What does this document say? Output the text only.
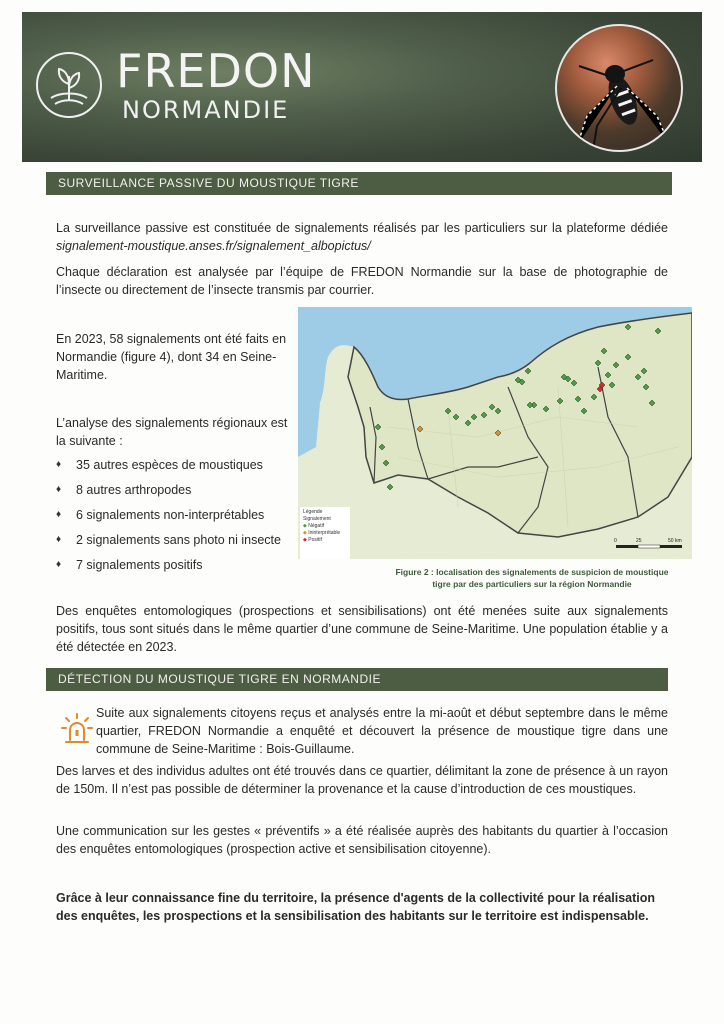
FREDON
NORMANDIE
SURVEILLANCE PASSIVE DU MOUSTIQUE TIGRE
La surveillance passive est constituée de signalements réalisés par les particuliers sur la plateforme dédiée signalement-moustique.anses.fr/signalement_albopictus/
Chaque déclaration est analysée par l’équipe de FREDON Normandie sur la base de photographie de l’insecte ou directement de l’insecte transmis par courrier.
En 2023, 58 signalements ont été faits en Normandie (figure 4), dont 34 en Seine-Maritime.
L’analyse des signalements régionaux est la suivante :
♦ 35 autres espèces de moustiques
♦ 8 autres arthropodes
♦ 6 signalements non-interprétables
♦ 2 signalements sans photo ni insecte
♦ 7 signalements positifs
0	25	50 km
Légende
Signalement
◆ Négatif
◆ Ininterprétable
◆ Positif
Figure 2 : localisation des signalements de suspicion de moustique
tigre par des particuliers sur la région Normandie
Des enquêtes entomologiques (prospections et sensibilisations) ont été menées suite aux signalements positifs, tous sont situés dans le même quartier d’une commune de Seine-Maritime. Une population établie y a été détectée en 2023.
DÉTECTION DU MOUSTIQUE TIGRE EN NORMANDIE
Suite aux signalements citoyens reçus et analysés entre la mi-août et début septembre dans le même quartier, FREDON Normandie a enquêté et découvert la présence de moustique tigre dans une commune de Seine-Maritime : Bois-Guillaume.
Des larves et des individus adultes ont été trouvés dans ce quartier, délimitant la zone de présence à un rayon de 150m. Il n’est pas possible de déterminer la provenance et la cause d’introduction de ces moustiques.
Une communication sur les gestes « préventifs » a été réalisée auprès des habitants du quartier à l’occasion des enquêtes entomologiques (prospection active et sensibilisation citoyenne).
Grâce à leur connaissance fine du territoire, la présence d'agents de la collectivité pour la réalisation des enquêtes, les prospections et la sensibilisation des habitants sur le territoire est indispensable.
